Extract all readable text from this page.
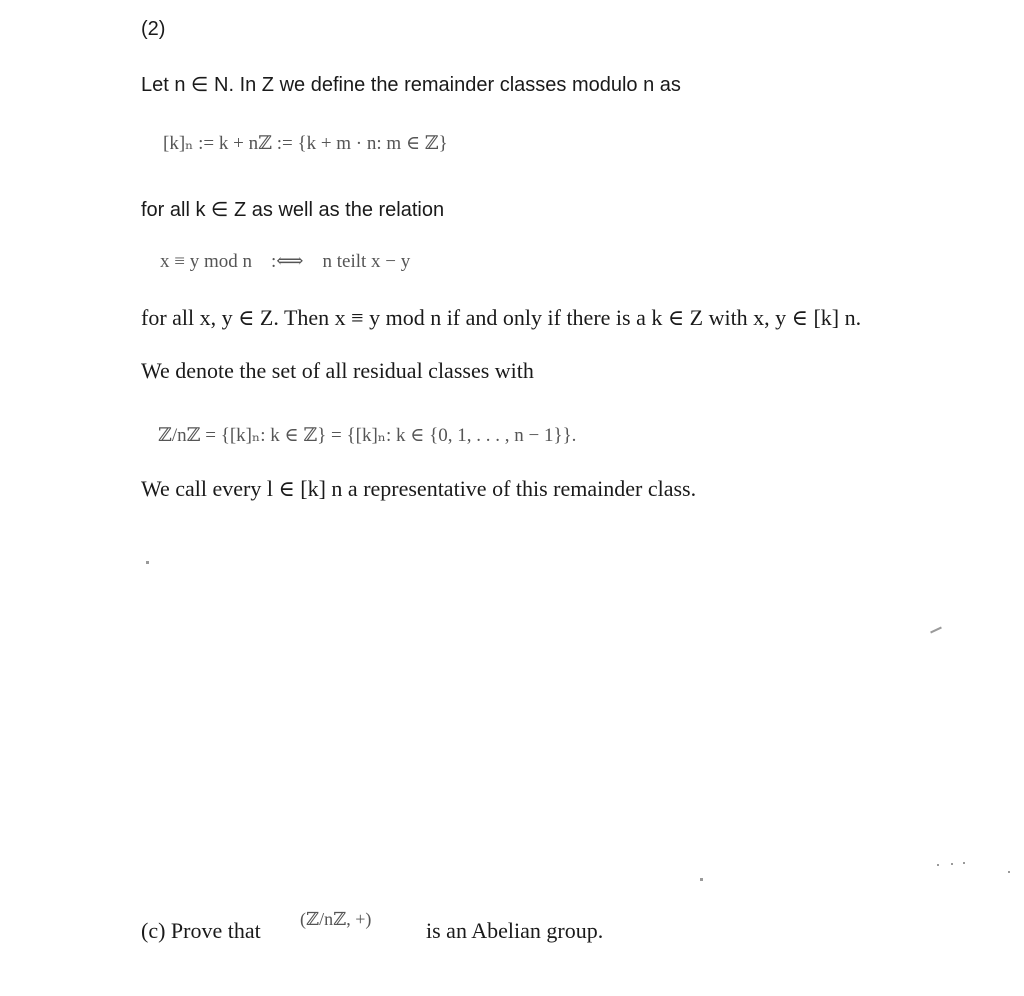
(2)
Let n ∈ N. In Z we define the remainder classes modulo n as
[k]ₙ := k + nℤ := {k + m · n: m ∈ ℤ}
for all k ∈ Z as well as the relation
x ≡ y mod n    :⟺    n teilt x − y
for all x, y ∈ Z. Then x ≡ y mod n if and only if there is a k ∈ Z with x, y ∈ [k] n.
We denote the set of all residual classes with
ℤ/nℤ = {[k]ₙ: k ∈ ℤ} = {[k]ₙ: k ∈ {0, 1, . . . , n − 1}}.
We call every l ∈ [k] n a representative of this remainder class.
(c) Prove that (ℤ/nℤ, +) is an Abelian group.
